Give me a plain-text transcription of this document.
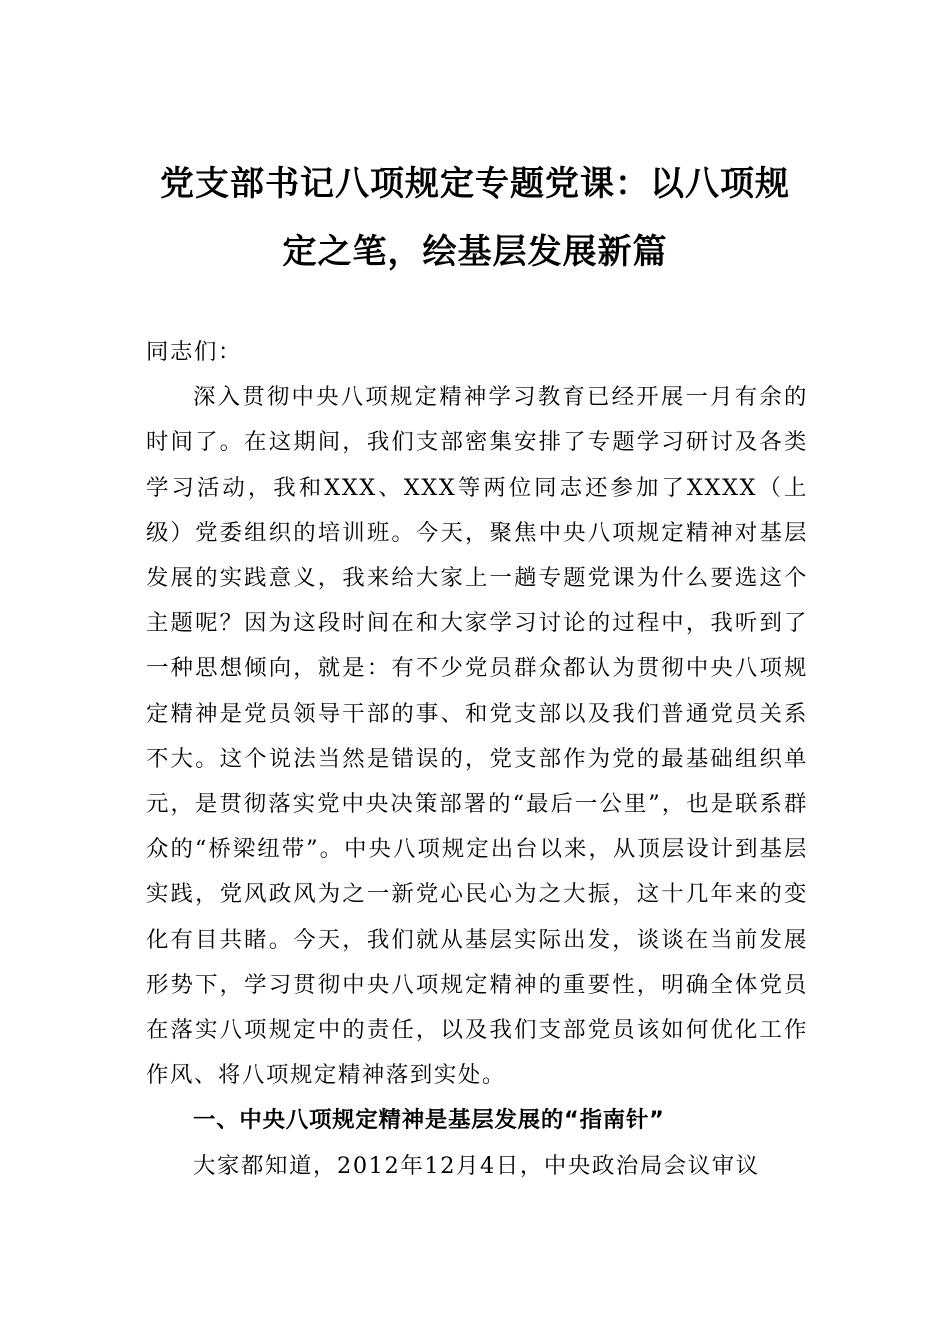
党支部书记八项规定专题党课：以八项规
定之笔，绘基层发展新篇

同志们：

深入贯彻中央八项规定精神学习教育已经开展一月有余的时间了。在这期间，我们支部密集安排了专题学习研讨及各类学习活动，我和XXX、XXX等两位同志还参加了XXXX（上级）党委组织的培训班。今天，聚焦中央八项规定精神对基层发展的实践意义，我来给大家上一趟专题党课为什么要选这个主题呢？因为这段时间在和大家学习讨论的过程中，我听到了一种思想倾向，就是：有不少党员群众都认为贯彻中央八项规定精神是党员领导干部的事、和党支部以及我们普通党员关系不大。这个说法当然是错误的，党支部作为党的最基础组织单元，是贯彻落实党中央决策部署的“最后一公里”，也是联系群众的“桥梁纽带”。中央八项规定出台以来，从顶层设计到基层实践，党风政风为之一新党心民心为之大振，这十几年来的变化有目共睹。今天，我们就从基层实际出发，谈谈在当前发展形势下，学习贯彻中央八项规定精神的重要性，明确全体党员在落实八项规定中的责任，以及我们支部党员该如何优化工作作风、将八项规定精神落到实处。

一、中央八项规定精神是基层发展的“指南针”

大家都知道，2012年12月4日，中央政治局会议审议
